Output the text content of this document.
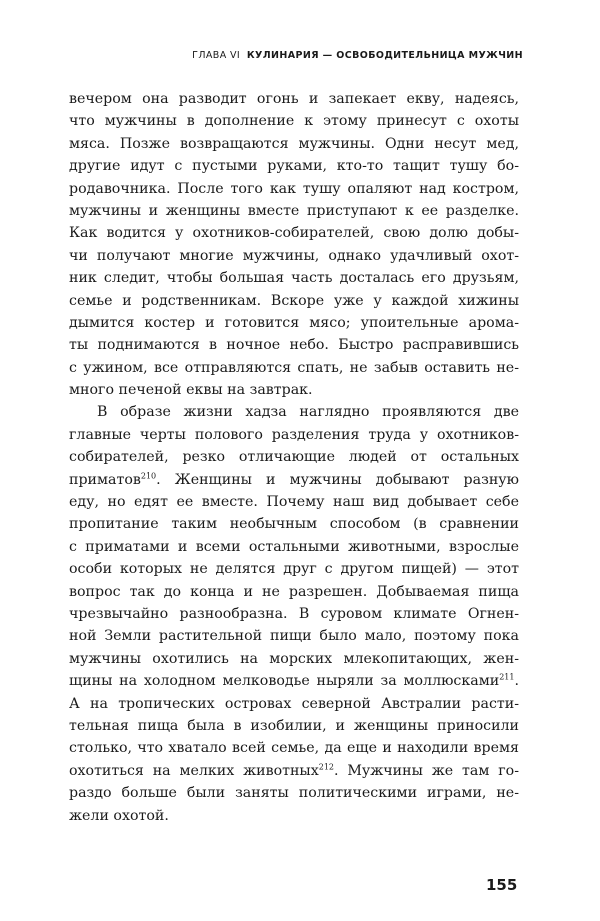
ГЛАВА VI КУЛИНАРИЯ — ОСВОБОДИТЕЛЬНИЦА МУЖЧИН
вечером она разводит огонь и запекает екву, надеясь,
что мужчины в дополнение к этому принесут с охоты
мяса. Позже возвращаются мужчины. Одни несут мед,
другие идут с пустыми руками, кто-то тащит тушу бо-
родавочника. После того как тушу опаляют над костром,
мужчины и женщины вместе приступают к ее разделке.
Как водится у охотников-собирателей, свою долю добы-
чи получают многие мужчины, однако удачливый охот-
ник следит, чтобы большая часть досталась его друзьям,
семье и родственникам. Вскоре уже у каждой хижины
дымится костер и готовится мясо; упоительные арома-
ты поднимаются в ночное небо. Быстро расправившись
с ужином, все отправляются спать, не забыв оставить не-
много печеной еквы на завтрак.
В образе жизни хадза наглядно проявляются две
главные черты полового разделения труда у охотников-
собирателей, резко отличающие людей от остальных
приматов$^{210}$. Женщины и мужчины добывают разную
еду, но едят ее вместе. Почему наш вид добывает себе
пропитание таким необычным способом (в сравнении
с приматами и всеми остальными животными, взрослые
особи которых не делятся друг с другом пищей) — этот
вопрос так до конца и не разрешен. Добываемая пища
чрезвычайно разнообразна. В суровом климате Огнен-
ной Земли растительной пищи было мало, поэтому пока
мужчины охотились на морских млекопитающих, жен-
щины на холодном мелководье ныряли за моллюсками$^{211}$.
А на тропических островах северной Австралии расти-
тельная пища была в изобилии, и женщины приносили
столько, что хватало всей семье, да еще и находили время
охотиться на мелких животных$^{212}$. Мужчины же там го-
раздо больше были заняты политическими играми, не-
жели охотой.
155
